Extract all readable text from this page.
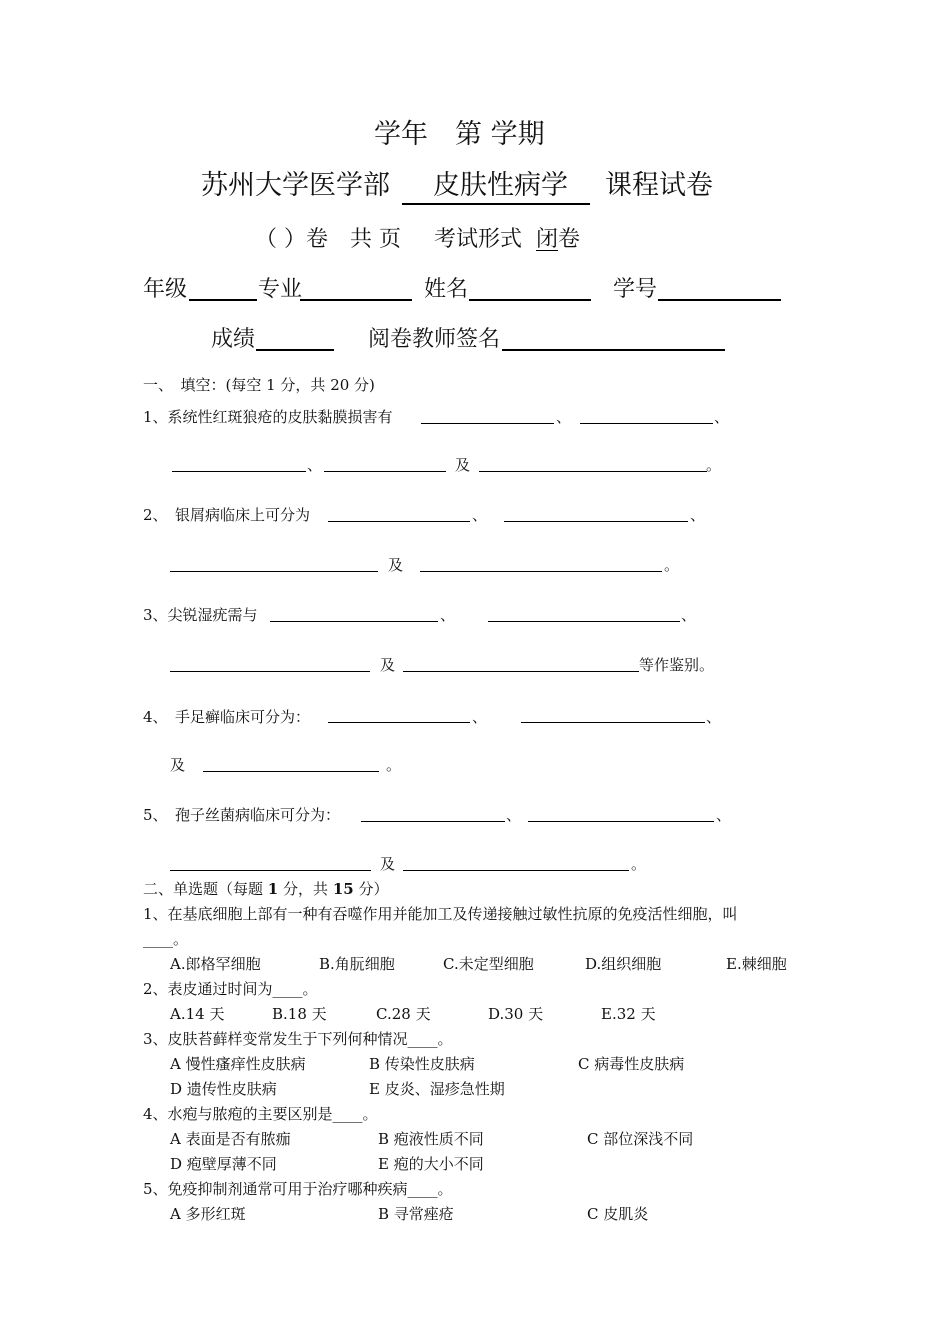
学年　第 学期
苏州大学医学部 皮肤性病学 课程试卷
（ ）卷　共 页 考试形式 闭卷
年级	专业	姓名	学号
成绩	阅卷教师签名
一、　填空：(每空 1 分，共 20 分)
1、系统性红斑狼疮的皮肤黏膜损害有	、	、
、	及	。
2、　银屑病临床上可分为	、	、
及	。
3、尖锐湿疣需与	、	、
及	等作鉴别。
4、　手足癣临床可分为：	、	、
及	。
5、　孢子丝菌病临床可分为：	、	、
及	。
二、单选题（每题 1 分，共 15 分）
1、在基底细胞上部有一种有吞噬作用并能加工及传递接触过敏性抗原的免疫活性细胞，叫
____。
A.郎格罕细胞	B.角朊细胞	C.未定型细胞	D.组织细胞	E.棘细胞
2、表皮通过时间为____。
A.14 天	B.18 天	C.28 天	D.30 天	E.32 天
3、皮肤苔藓样变常发生于下列何种情况____。
A 慢性瘙痒性皮肤病	B 传染性皮肤病	C 病毒性皮肤病
D 遗传性皮肤病	E 皮炎、湿疹急性期
4、水疱与脓疱的主要区别是____。
A 表面是否有脓痂	B 疱液性质不同	C 部位深浅不同
D 疱壁厚薄不同	E 疱的大小不同
5、免疫抑制剂通常可用于治疗哪种疾病____。
A 多形红斑	B 寻常痤疮	C 皮肌炎
